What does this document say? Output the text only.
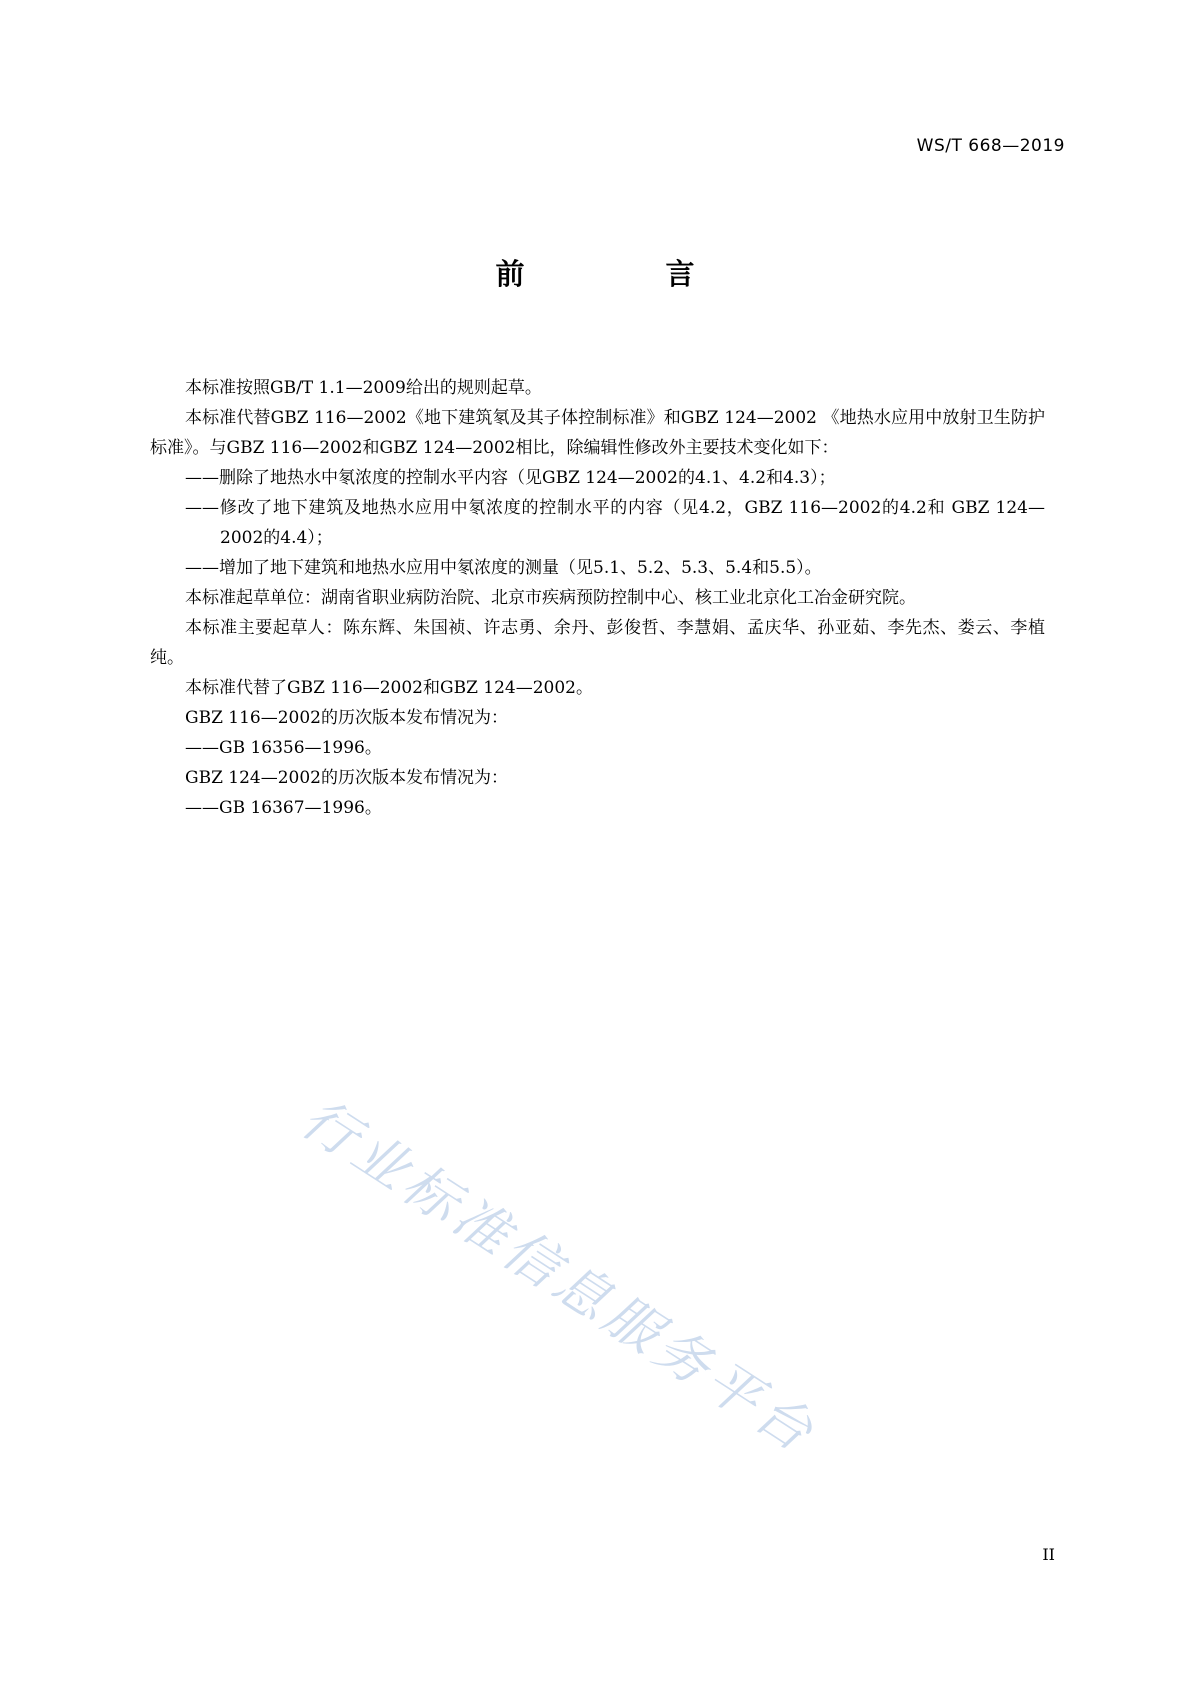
WS/T 668—2019
前　言

本标准按照GB/T 1.1—2009给出的规则起草。

本标准代替GBZ 116—2002《地下建筑氡及其子体控制标准》和GBZ 124—2002 《地热水应用中放射卫生防护标准》。与GBZ 116—2002和GBZ 124—2002相比，除编辑性修改外主要技术变化如下：

——删除了地热水中氡浓度的控制水平内容（见GBZ 124—2002的4.1、4.2和4.3）；

——修改了地下建筑及地热水应用中氡浓度的控制水平的内容（见4.2，GBZ 116—2002的4.2和 GBZ 124—2002的4.4）；

——增加了地下建筑和地热水应用中氡浓度的测量（见5.1、5.2、5.3、5.4和5.5）。

本标准起草单位：湖南省职业病防治院、北京市疾病预防控制中心、核工业北京化工冶金研究院。

本标准主要起草人：陈东辉、朱国祯、许志勇、余丹、彭俊哲、李慧娟、孟庆华、孙亚茹、李先杰、娄云、李植纯。

本标准代替了GBZ 116—2002和GBZ 124—2002。

GBZ 116—2002的历次版本发布情况为：

——GB 16356—1996。

GBZ 124—2002的历次版本发布情况为：

——GB 16367—1996。

行业标准信息服务平台
II
